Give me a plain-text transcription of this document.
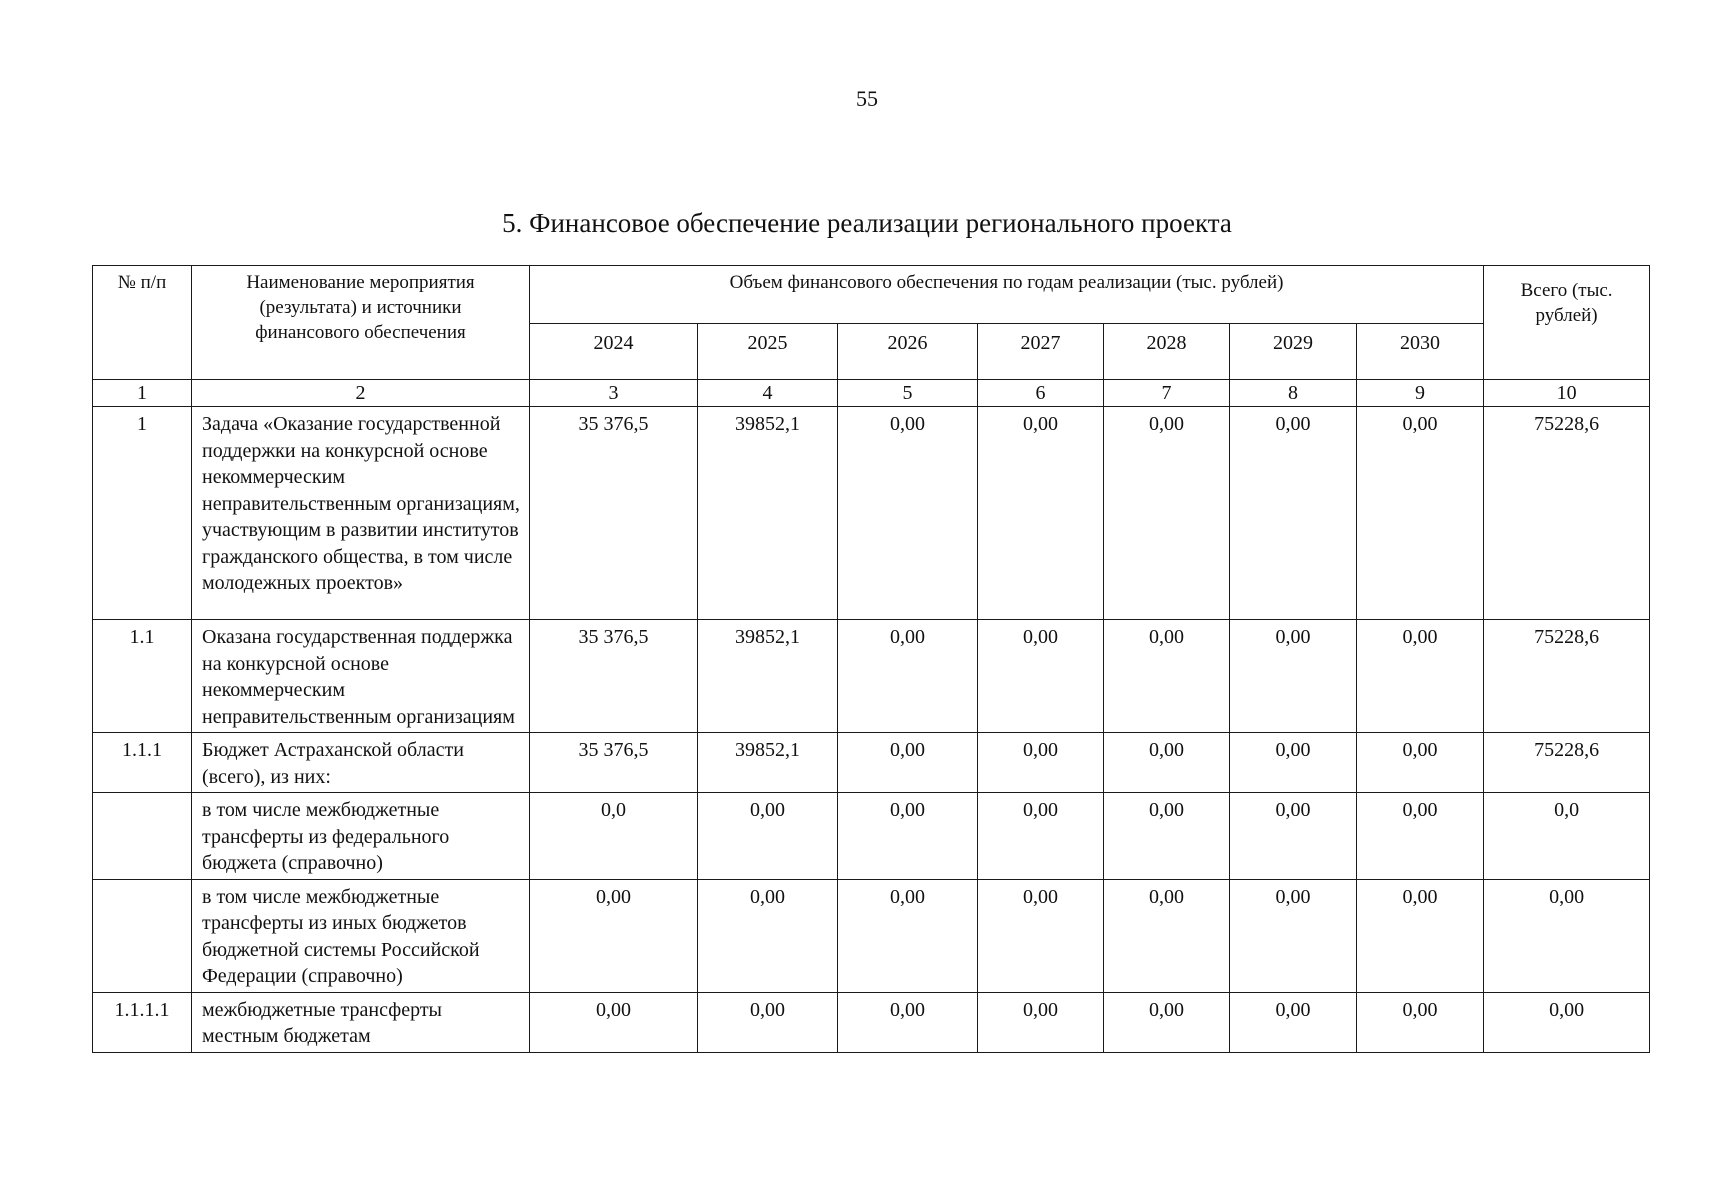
55
5. Финансовое обеспечение реализации регионального проекта
№ п/п	Наименование мероприятия (результата) и источники финансового обеспечения	Объем финансового обеспечения по годам реализации (тыс. рублей)							Всего (тыс. рублей)

		2024	2025	2026	2027	2028	2029	2030	
1	2	3	4	5	6	7	8	9	10
1	Задача «Оказание государственной поддержки на конкурсной основе некоммерческим неправительственным организациям, участвующим в развитии институтов гражданского общества, в том числе молодежных проектов»	35 376,5	39852,1	0,00	0,00	0,00	0,00	0,00	75228,6
1.1	Оказана государственная поддержка на конкурсной основе некоммерческим неправительственным организациям	35 376,5	39852,1	0,00	0,00	0,00	0,00	0,00	75228,6
1.1.1	Бюджет Астраханской области (всего), из них:	35 376,5	39852,1	0,00	0,00	0,00	0,00	0,00	75228,6
	в том числе межбюджетные трансферты из федерального бюджета (справочно)	0,0	0,00	0,00	0,00	0,00	0,00	0,00	0,0
	в том числе межбюджетные трансферты из иных бюджетов бюджетной системы Российской Федерации (справочно)	0,00	0,00	0,00	0,00	0,00	0,00	0,00	0,00
1.1.1.1	межбюджетные трансферты местным бюджетам	0,00	0,00	0,00	0,00	0,00	0,00	0,00	0,00
